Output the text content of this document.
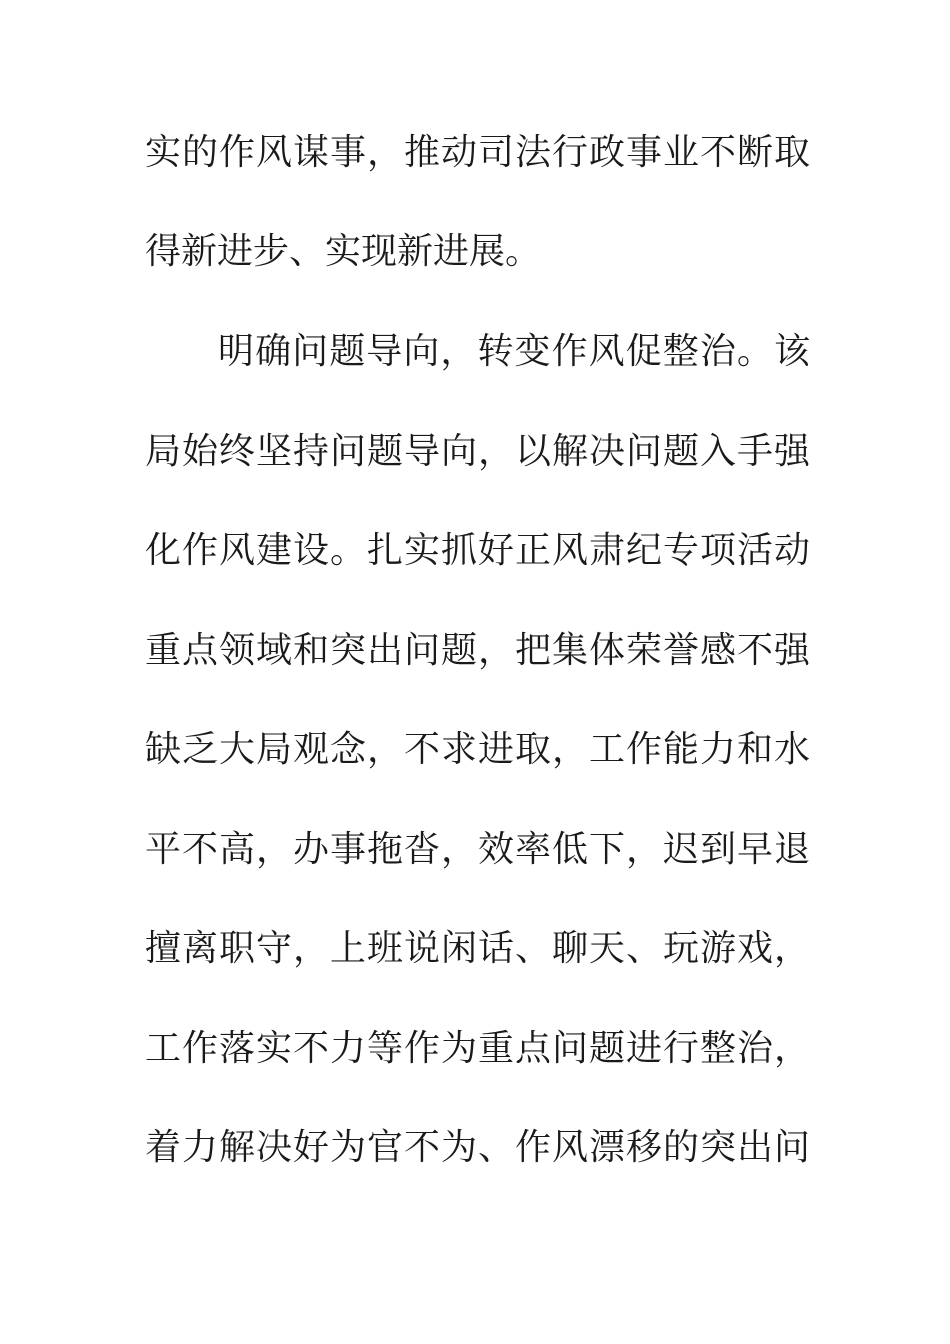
实的作风谋事，推动司法行政事业不断取
得新进步、实现新进展。
明确问题导向，转变作风促整治。该
局始终坚持问题导向，以解决问题入手强
化作风建设。扎实抓好正风肃纪专项活动
重点领域和突出问题，把集体荣誉感不强
缺乏大局观念，不求进取，工作能力和水
平不高，办事拖沓，效率低下，迟到早退
擅离职守，上班说闲话、聊天、玩游戏，
工作落实不力等作为重点问题进行整治，
着力解决好为官不为、作风漂移的突出问
